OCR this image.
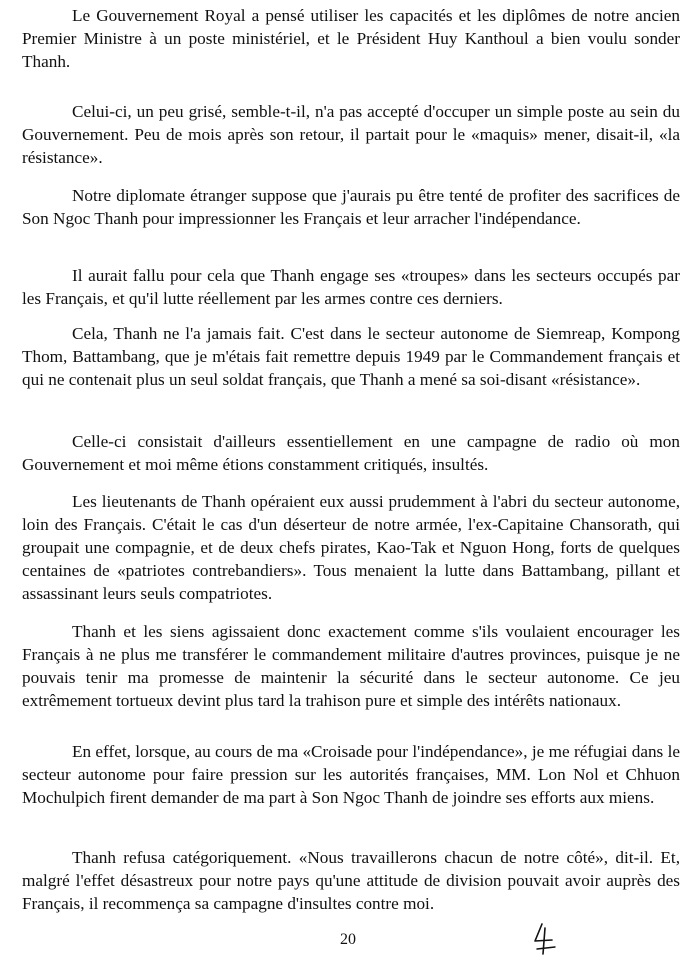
Le Gouvernement Royal a pensé utiliser les capacités et les diplômes de notre ancien Premier Ministre à un poste ministériel, et le Président Huy Kanthoul a bien voulu sonder Thanh.

Celui-ci, un peu grisé, semble-t-il, n'a pas accepté d'occuper un simple poste au sein du Gouvernement. Peu de mois après son retour, il partait pour le «maquis» mener, disait-il, «la résistance».

Notre diplomate étranger suppose que j'aurais pu être tenté de profiter des sacrifices de Son Ngoc Thanh pour impressionner les Français et leur arracher l'indépendance.

Il aurait fallu pour cela que Thanh engage ses «troupes» dans les secteurs occupés par les Français, et qu'il lutte réellement par les armes contre ces derniers.

Cela, Thanh ne l'a jamais fait. C'est dans le secteur autonome de Siemreap, Kompong Thom, Battambang, que je m'étais fait remettre depuis 1949 par le Commandement français et qui ne contenait plus un seul soldat français, que Thanh a mené sa soi-disant «résistance».

Celle-ci consistait d'ailleurs essentiellement en une campagne de radio où mon Gouvernement et moi même étions constamment critiqués, insultés.

Les lieutenants de Thanh opéraient eux aussi prudemment à l'abri du secteur autonome, loin des Français. C'était le cas d'un déserteur de notre armée, l'ex-Capitaine Chansorath, qui groupait une compagnie, et de deux chefs pirates, Kao-Tak et Nguon Hong, forts de quelques centaines de «patriotes contrebandiers». Tous menaient la lutte dans Battambang, pillant et assassinant leurs seuls compatriotes.

Thanh et les siens agissaient donc exactement comme s'ils voulaient encourager les Français à ne plus me transférer le commandement militaire d'autres provinces, puisque je ne pouvais tenir ma promesse de maintenir la sécurité dans le secteur autonome. Ce jeu extrêmement tortueux devint plus tard la trahison pure et simple des intérêts nationaux.

En effet, lorsque, au cours de ma «Croisade pour l'indépendance», je me réfugiai dans le secteur autonome pour faire pression sur les autorités françaises, MM. Lon Nol et Chhuon Mochulpich firent demander de ma part à Son Ngoc Thanh de joindre ses efforts aux miens.

Thanh refusa catégoriquement. «Nous travaillerons chacun de notre côté», dit-il. Et, malgré l'effet désastreux pour notre pays qu'une attitude de division pouvait avoir auprès des Français, il recommença sa campagne d'insultes contre moi.

20
